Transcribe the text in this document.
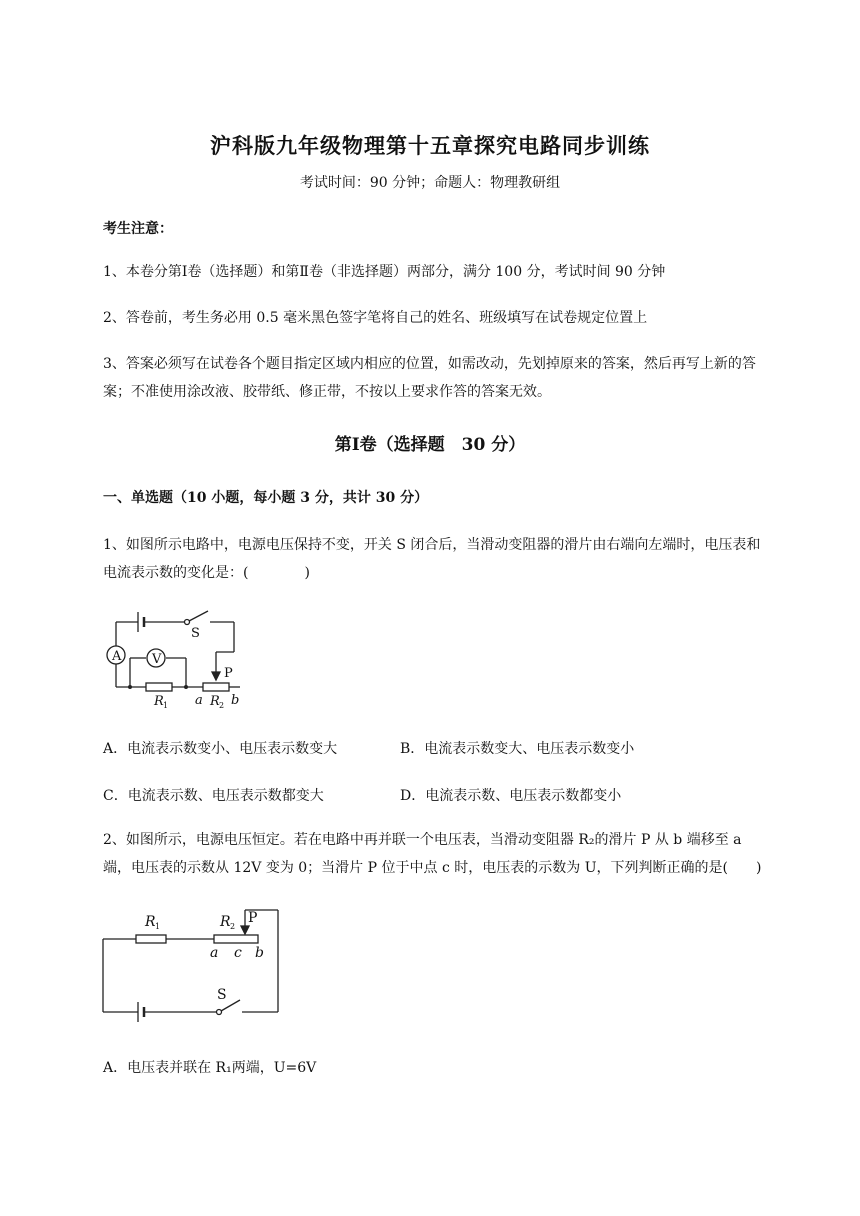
沪科版九年级物理第十五章探究电路同步训练
考试时间：90 分钟；命题人：物理教研组
考生注意：
1、本卷分第Ⅰ卷（选择题）和第Ⅱ卷（非选择题）两部分，满分 100 分，考试时间 90 分钟
2、答卷前，考生务必用 0.5 毫米黑色签字笔将自己的姓名、班级填写在试卷规定位置上
3、答案必须写在试卷各个题目指定区域内相应的位置，如需改动，先划掉原来的答案，然后再写上新的答案；不准使用涂改液、胶带纸、修正带，不按以上要求作答的答案无效。
第Ⅰ卷（选择题　30 分）
一、单选题（10 小题，每小题 3 分，共计 30 分）
1、如图所示电路中，电源电压保持不变，开关 S 闭合后，当滑动变阻器的滑片由右端向左端时，电压表和电流表示数的变化是：(　　　　)
A V
S
P
R 1 a R 2 b
A．电流表示数变小、电压表示数变大	B．电流表示数变大、电压表示数变小
C．电流表示数、电压表示数都变大	D．电流表示数、电压表示数都变小
2、如图所示，电源电压恒定。若在电路中再并联一个电压表，当滑动变阻器 R₂的滑片 P 从 b 端移至 a
端，电压表的示数从 12V 变为 0；当滑片 P 位于中点 c 时，电压表的示数为 U，下列判断正确的是(　　)
R 1	R 2
P
a c b
S
A．电压表并联在 R₁两端，U=6V
